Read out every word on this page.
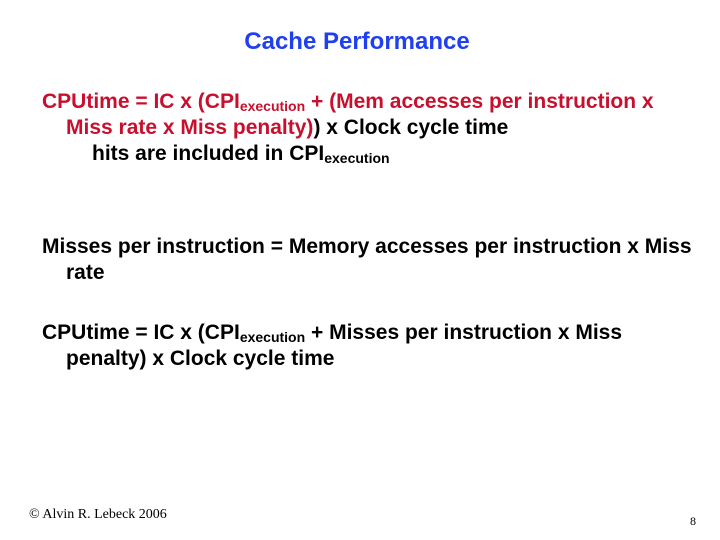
Cache Performance
CPUtime = IC x ($CPI_{execution} + (Mem$ accesses per instruction x Miss rate x Miss penalty)) x Clock cycle time
hits are included in $CPI_{execution}$
Misses per instruction = Memory accesses per instruction x Miss rate
CPUtime = IC x ($CPI_{execution}$ + Misses per instruction x Miss penalty) x Clock cycle time
© Alvin R. Lebeck 2006	8
